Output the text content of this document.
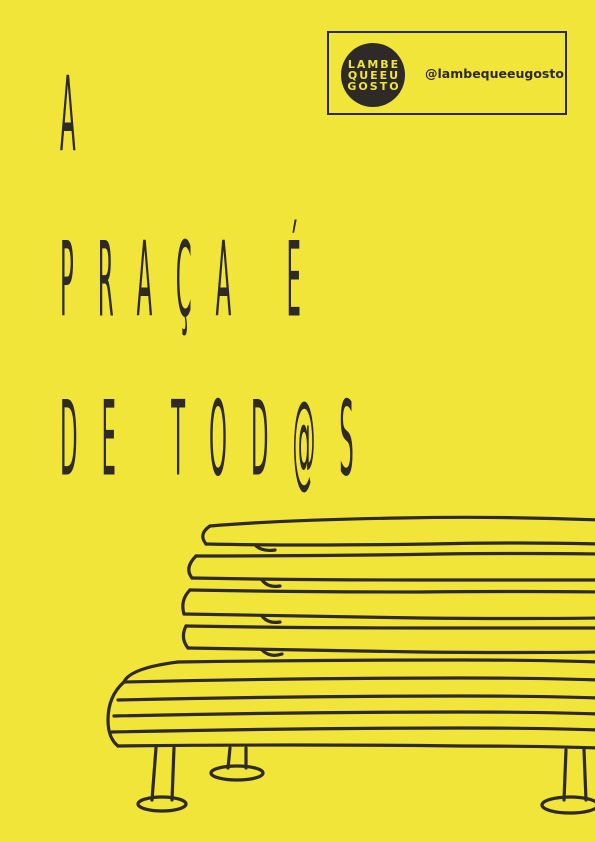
LAMBE
QUEEU
GOSTO
@lambequeeugosto
A
PRAÇA É
DE TOD@S
